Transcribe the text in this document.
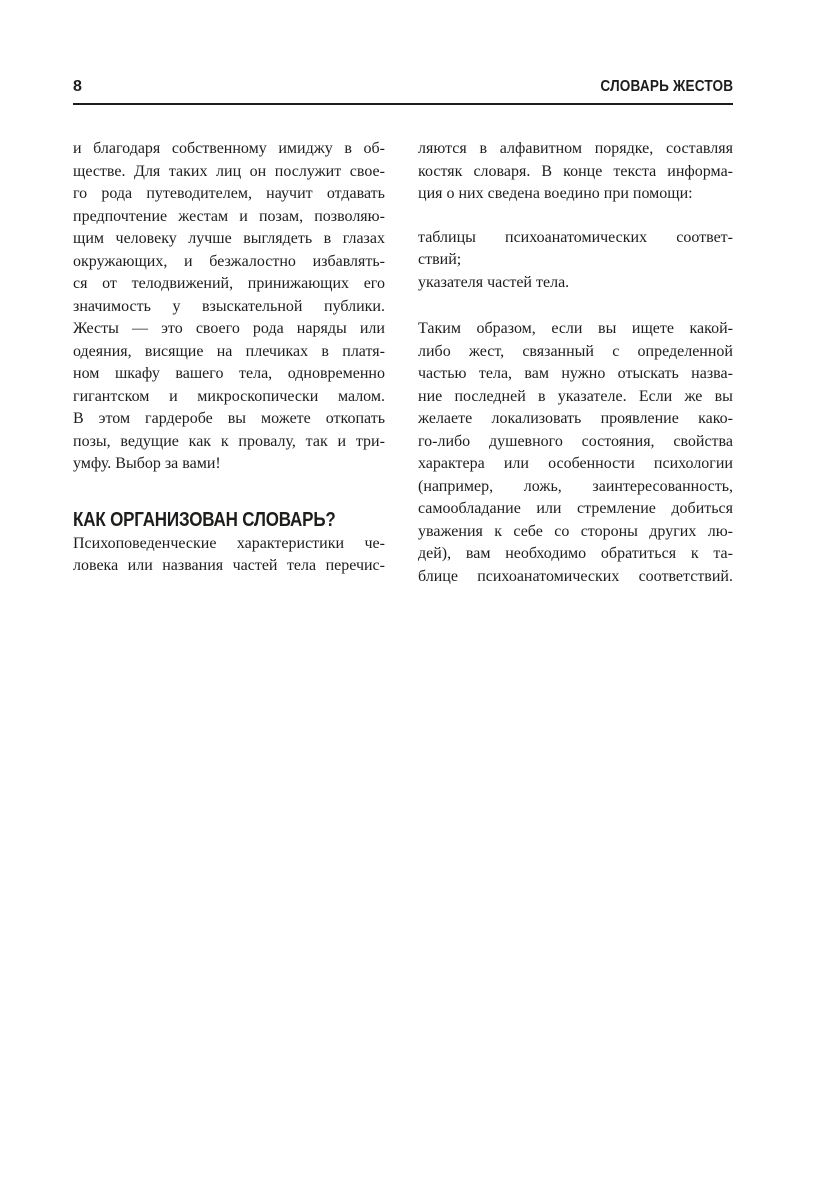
8	СЛОВАРЬ ЖЕСТОВ
и благодаря собственному имиджу в об-
ществе. Для таких лиц он послужит свое-
го рода путеводителем, научит отдавать
предпочтение жестам и позам, позволяю-
щим человеку лучше выглядеть в глазах
окружающих, и безжалостно избавлять-
ся от телодвижений, принижающих его
значимость у взыскательной публики.
Жесты — это своего рода наряды или
одеяния, висящие на плечиках в платя-
ном шкафу вашего тела, одновременно
гигантском и микроскопически малом.
В этом гардеробе вы можете откопать
позы, ведущие как к провалу, так и три-
умфу. Выбор за вами!
КАК ОРГАНИЗОВАН СЛОВАРЬ?
Психоповеденческие характеристики че-
ловека или названия частей тела перечис-
ляются в алфавитном порядке, составляя
костяк словаря. В конце текста информа-
ция о них сведена воедино при помощи:
таблицы психоанатомических соответ-
ствий;
указателя частей тела.
Таким образом, если вы ищете какой-
либо жест, связанный с определенной
частью тела, вам нужно отыскать назва-
ние последней в указателе. Если же вы
желаете локализовать проявление како-
го-либо душевного состояния, свойства
характера или особенности психологии
(например, ложь, заинтересованность,
самообладание или стремление добиться
уважения к себе со стороны других лю-
дей), вам необходимо обратиться к та-
блице психоанатомических соответствий.
